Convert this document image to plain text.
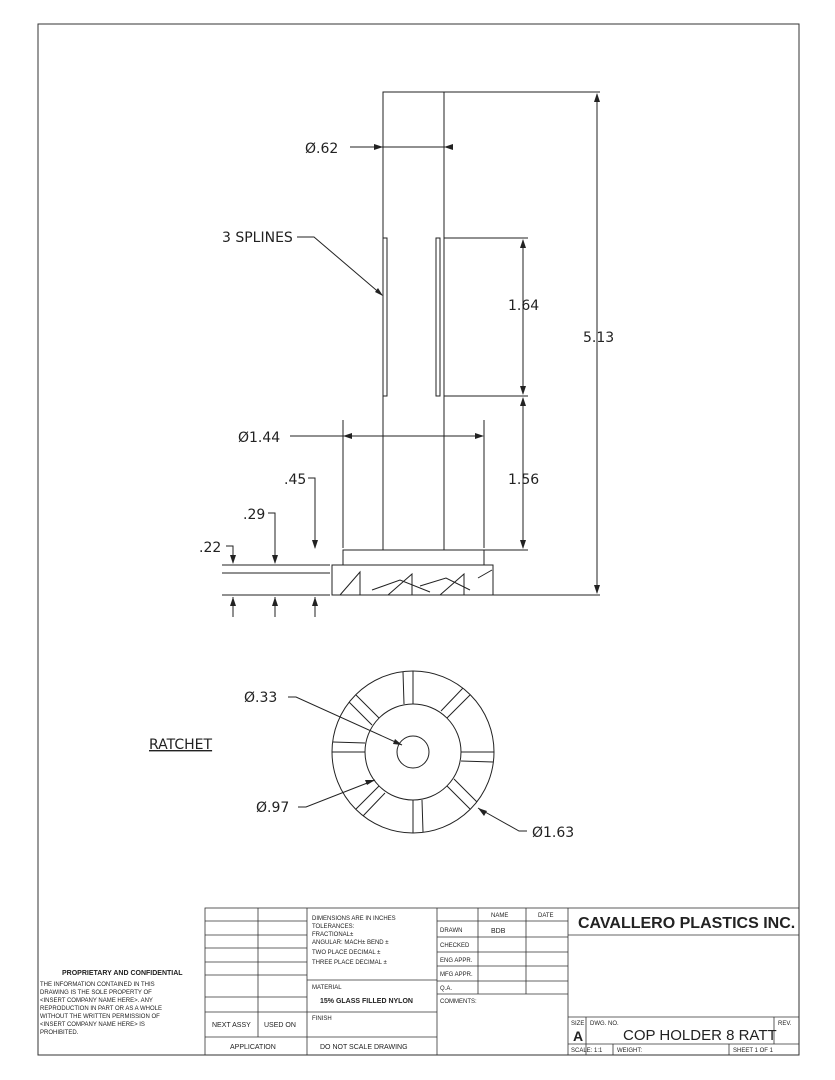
Ø.62
3 SPLINES
1.64
5.13
Ø1.44
.45	1.56
.29
.22
Ø.33
RATCHET
Ø.97
Ø1.63
PROPRIETARY AND CONFIDENTIAL
THE INFORMATION CONTAINED IN THIS
DRAWING IS THE SOLE PROPERTY OF
<INSERT COMPANY NAME HERE>. ANY
REPRODUCTION IN PART OR AS A WHOLE
WITHOUT THE WRITTEN PERMISSION OF
<INSERT COMPANY NAME HERE> IS
PROHIBITED.
NEXT ASSY USED ON
APPLICATION
DIMENSIONS ARE IN INCHES
TOLERANCES:
FRACTIONAL±
ANGULAR: MACH± BEND ±
TWO PLACE DECIMAL ±
THREE PLACE DECIMAL ±
MATERIAL
15% GLASS FILLED NYLON
FINISH
DO NOT SCALE DRAWING
NAME	DATE
DRAWN	BDB
CHECKED
ENG APPR.
MFG APPR.
Q.A.
COMMENTS:
CAVALLERO PLASTICS INC.
SIZE
A
DWG. NO.
COP HOLDER 8 RATT
REV.
SCALE: 1:1 WEIGHT:	SHEET 1 OF 1
